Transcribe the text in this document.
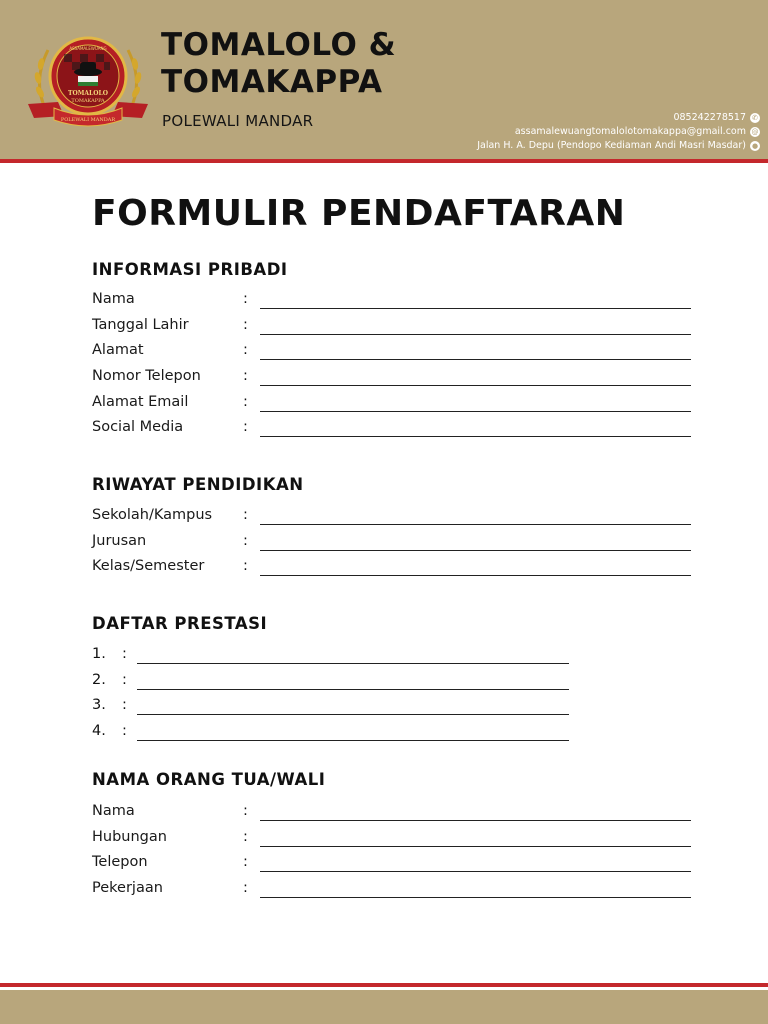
ASSAMALEWUANG
TOMALOLO
TOMAKAPPA
POLEWALI MANDAR
TOMALOLO &
TOMAKAPPA
POLEWALI MANDAR	085242278517 ✆
assamalewuangtomalolotomakappa@gmail.com @
Jalan H. A. Depu (Pendopo Kediaman Andi Masri Masdar) ●
FORMULIR PENDAFTARAN
INFORMASI PRIBADI
Nama	:
Tanggal Lahir	:
Alamat	:
Nomor Telepon	:
Alamat Email	:
Social Media	:
RIWAYAT PENDIDIKAN
Sekolah/Kampus :
Jurusan	:
Kelas/Semester	:
DAFTAR PRESTASI
1. :
2. :
3. :
4. :
NAMA ORANG TUA/WALI
Nama	:
Hubungan	:
Telepon	:
Pekerjaan	:
